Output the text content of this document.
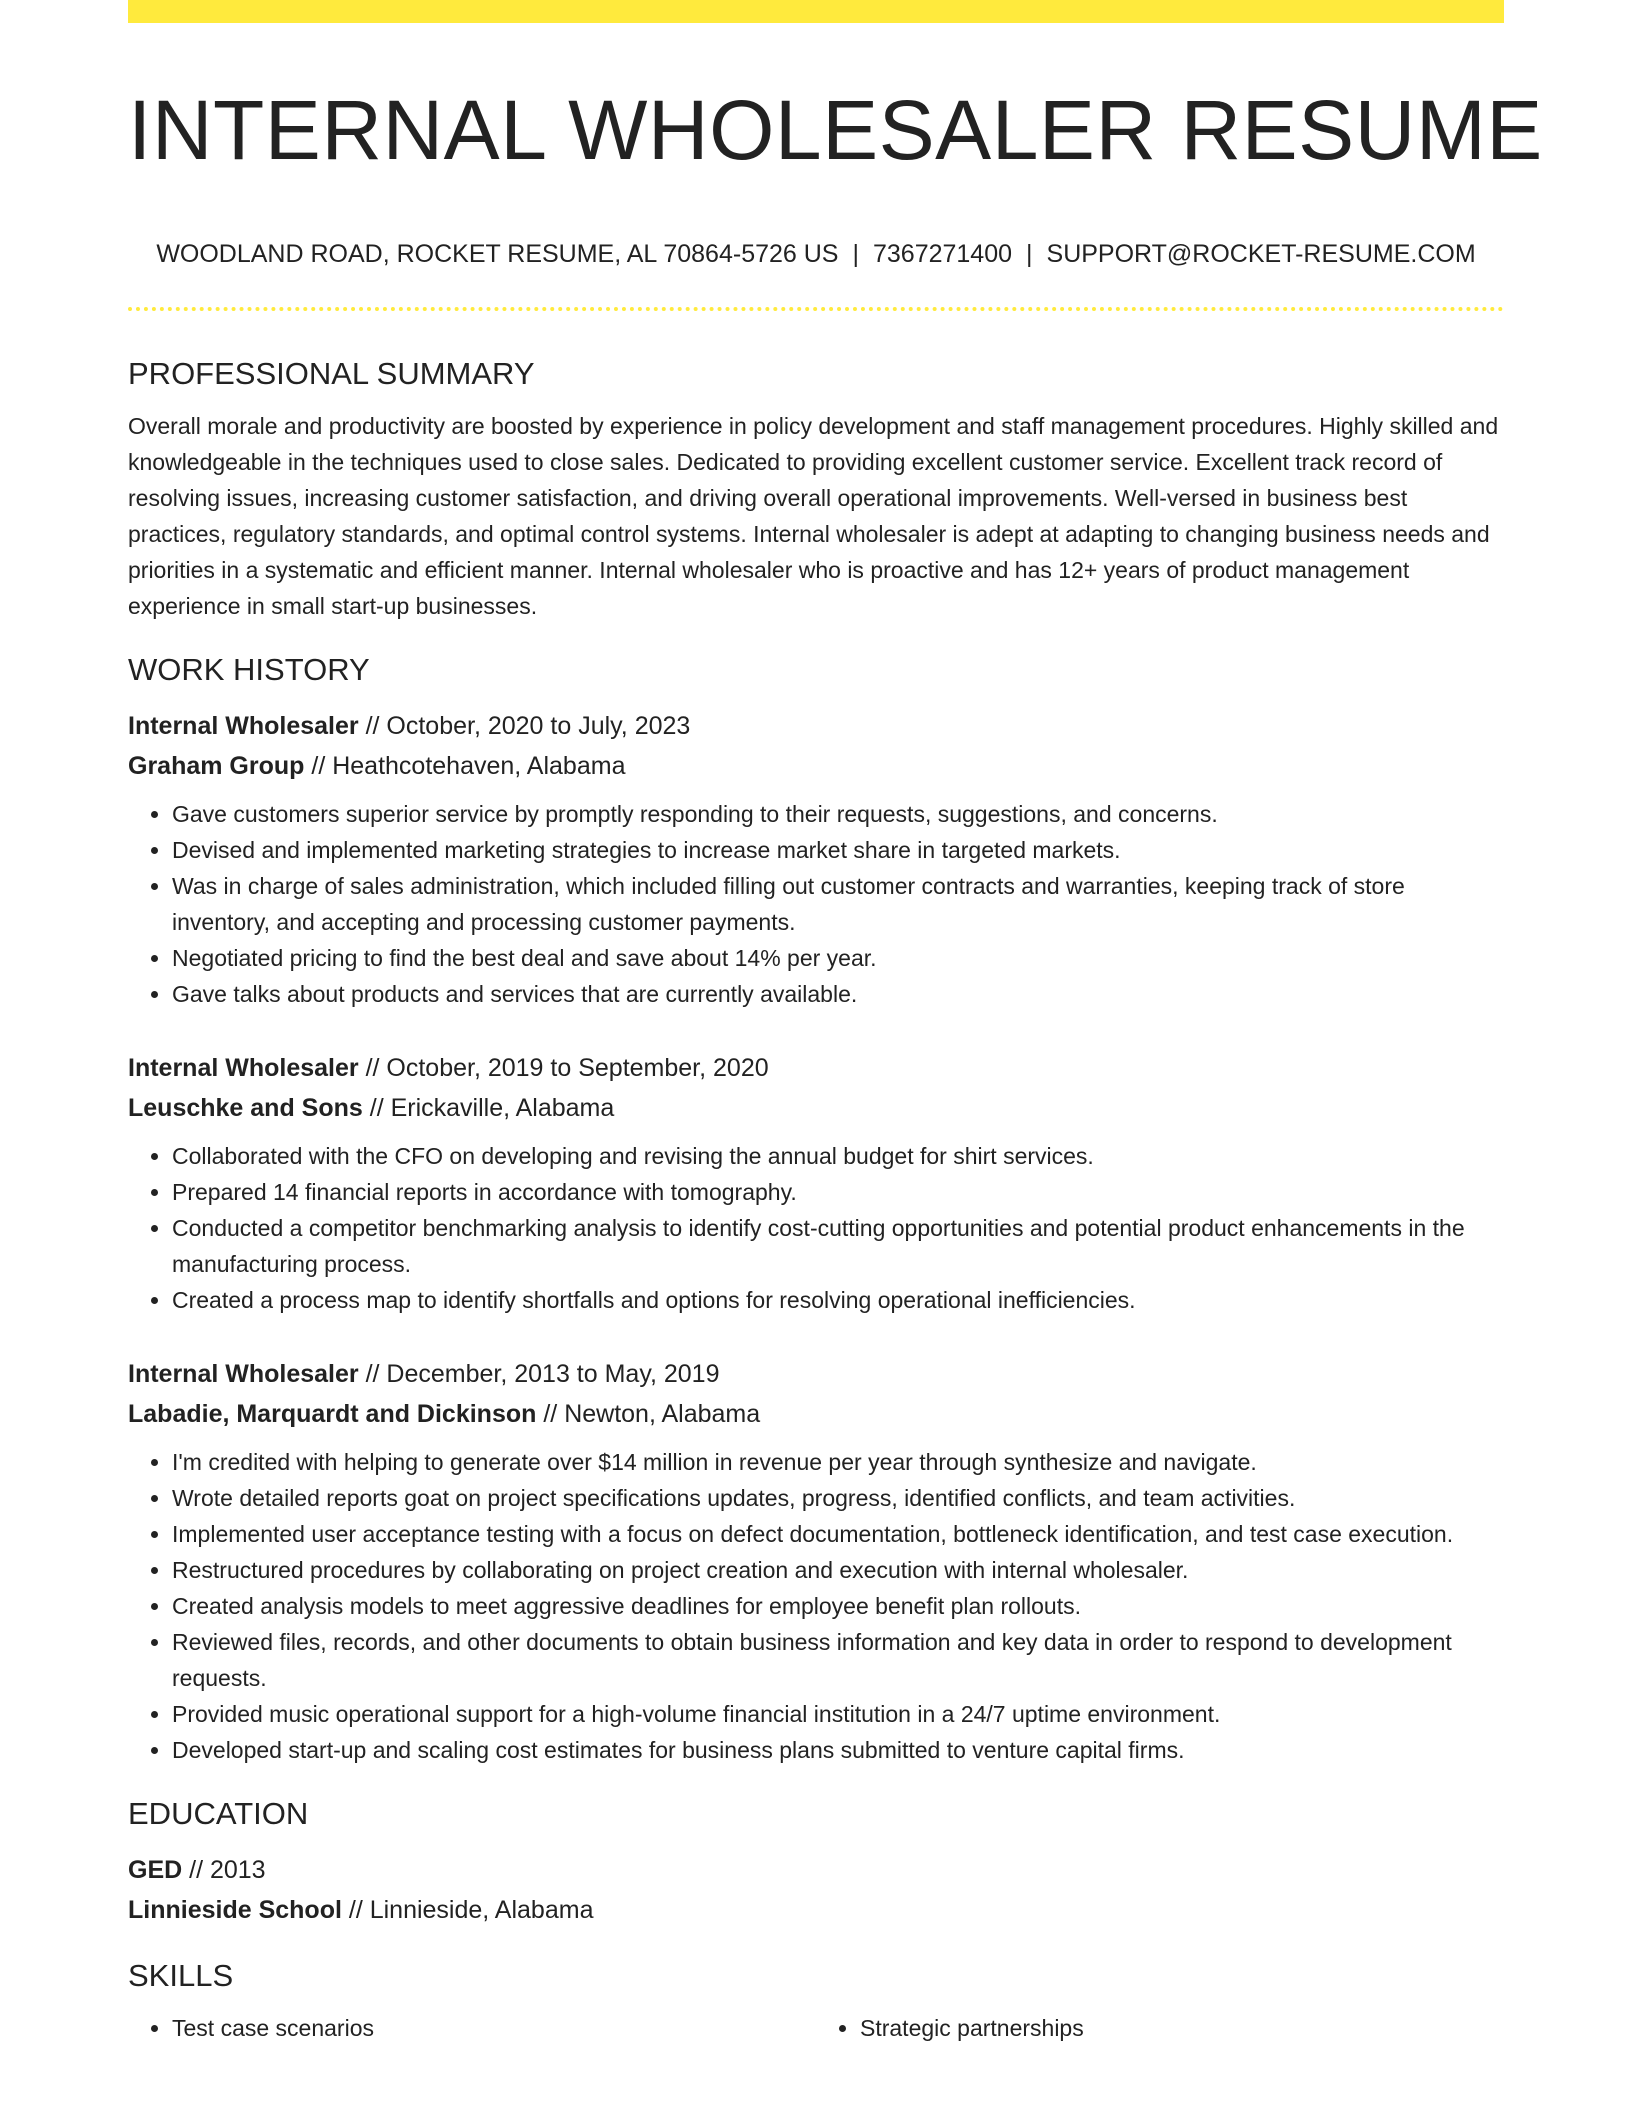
INTERNAL WHOLESALER RESUME
WOODLAND ROAD, ROCKET RESUME, AL 70864-5726 US | 7367271400 | SUPPORT@ROCKET-RESUME.COM
PROFESSIONAL SUMMARY

Overall morale and productivity are boosted by experience in policy development and staff management procedures. Highly skilled and knowledgeable in the techniques used to close sales. Dedicated to providing excellent customer service. Excellent track record of resolving issues, increasing customer satisfaction, and driving overall operational improvements. Well-versed in business best practices, regulatory standards, and optimal control systems. Internal wholesaler is adept at adapting to changing business needs and priorities in a systematic and efficient manner. Internal wholesaler who is proactive and has 12+ years of product management experience in small start-up businesses.

WORK HISTORY
Internal Wholesaler // October, 2020 to July, 2023
Graham Group // Heathcotehaven, Alabama
• Gave customers superior service by promptly responding to their requests, suggestions, and concerns.
• Devised and implemented marketing strategies to increase market share in targeted markets.
• Was in charge of sales administration, which included filling out customer contracts and warranties, keeping track of store inventory, and accepting and processing customer payments.
• Negotiated pricing to find the best deal and save about 14% per year.
• Gave talks about products and services that are currently available.
Internal Wholesaler // October, 2019 to September, 2020
Leuschke and Sons // Erickaville, Alabama
• Collaborated with the CFO on developing and revising the annual budget for shirt services.
• Prepared 14 financial reports in accordance with tomography.
• Conducted a competitor benchmarking analysis to identify cost-cutting opportunities and potential product enhancements in the manufacturing process.
• Created a process map to identify shortfalls and options for resolving operational inefficiencies.
Internal Wholesaler // December, 2013 to May, 2019
Labadie, Marquardt and Dickinson // Newton, Alabama
• I'm credited with helping to generate over $14 million in revenue per year through synthesize and navigate.
• Wrote detailed reports goat on project specifications updates, progress, identified conflicts, and team activities.
• Implemented user acceptance testing with a focus on defect documentation, bottleneck identification, and test case execution.
• Restructured procedures by collaborating on project creation and execution with internal wholesaler.
• Created analysis models to meet aggressive deadlines for employee benefit plan rollouts.
• Reviewed files, records, and other documents to obtain business information and key data in order to respond to development requests.
• Provided music operational support for a high-volume financial institution in a 24/7 uptime environment.
• Developed start-up and scaling cost estimates for business plans submitted to venture capital firms.
EDUCATION
GED // 2013
Linnieside School // Linnieside, Alabama
SKILLS
• Test case scenarios
•	Strategic partnerships
